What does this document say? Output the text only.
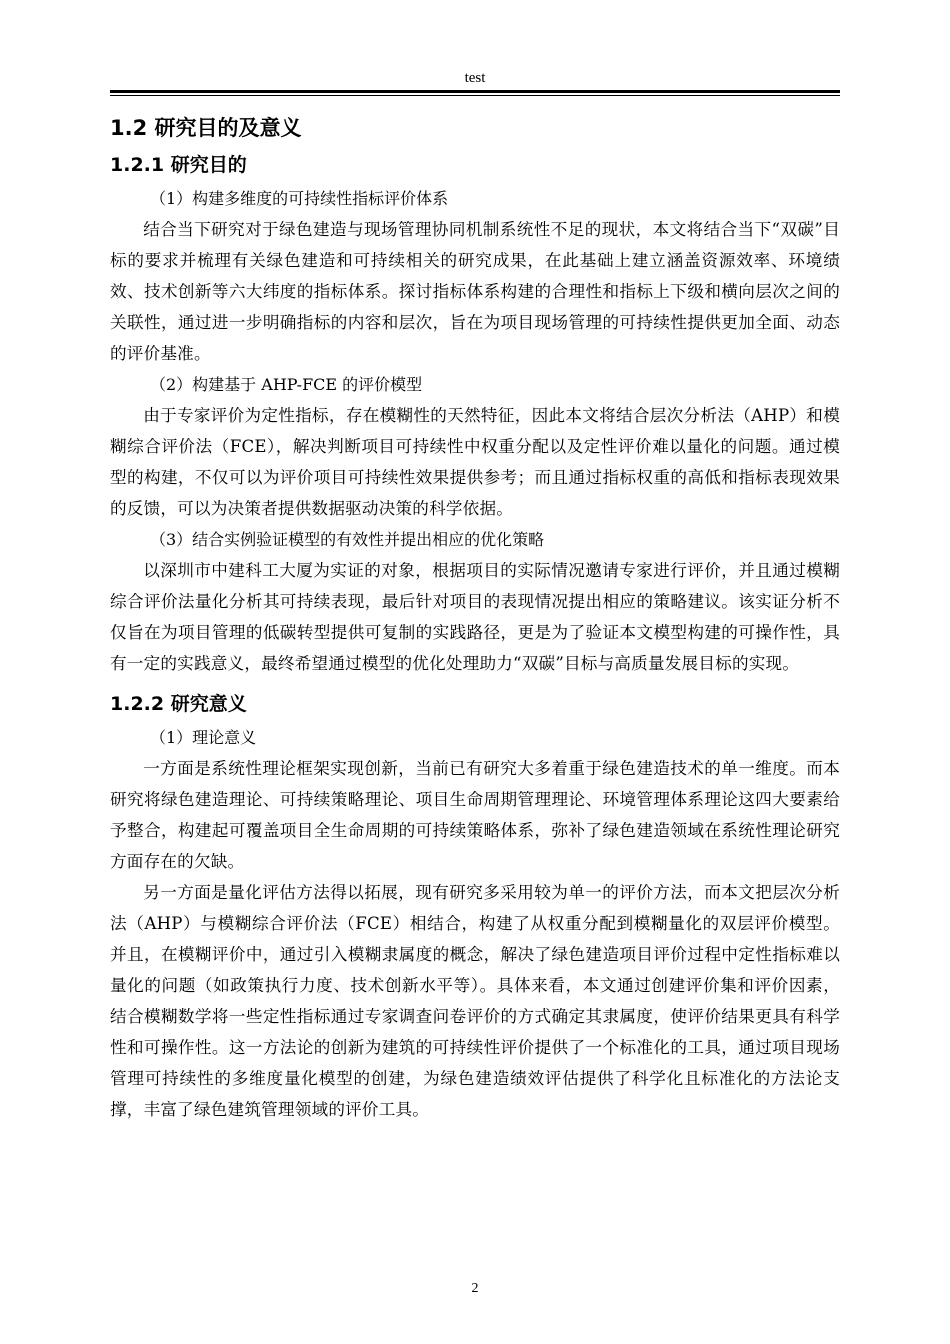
test
1.2 研究目的及意义
1.2.1 研究目的

（1）构建多维度的可持续性指标评价体系

结合当下研究对于绿色建造与现场管理协同机制系统性不足的现状，本文将结合当下“双碳”目标的要求并梳理有关绿色建造和可持续相关的研究成果，在此基础上建立涵盖资源效率、环境绩效、技术创新等六大纬度的指标体系。探讨指标体系构建的合理性和指标上下级和横向层次之间的关联性，通过进一步明确指标的内容和层次，旨在为项目现场管理的可持续性提供更加全面、动态的评价基准。

（2）构建基于 AHP-FCE 的评价模型

由于专家评价为定性指标，存在模糊性的天然特征，因此本文将结合层次分析法（AHP）和模糊综合评价法（FCE），解决判断项目可持续性中权重分配以及定性评价难以量化的问题。通过模型的构建，不仅可以为评价项目可持续性效果提供参考；而且通过指标权重的高低和指标表现效果的反馈，可以为决策者提供数据驱动决策的科学依据。

（3）结合实例验证模型的有效性并提出相应的优化策略

以深圳市中建科工大厦为实证的对象，根据项目的实际情况邀请专家进行评价，并且通过模糊综合评价法量化分析其可持续表现，最后针对项目的表现情况提出相应的策略建议。该实证分析不仅旨在为项目管理的低碳转型提供可复制的实践路径，更是为了验证本文模型构建的可操作性，具有一定的实践意义，最终希望通过模型的优化处理助力“双碳”目标与高质量发展目标的实现。

1.2.2 研究意义

（1）理论意义

一方面是系统性理论框架实现创新，当前已有研究大多着重于绿色建造技术的单一维度。而本研究将绿色建造理论、可持续策略理论、项目生命周期管理理论、环境管理体系理论这四大要素给予整合，构建起可覆盖项目全生命周期的可持续策略体系，弥补了绿色建造领域在系统性理论研究方面存在的欠缺。

另一方面是量化评估方法得以拓展，现有研究多采用较为单一的评价方法，而本文把层次分析法（AHP）与模糊综合评价法（FCE）相结合，构建了从权重分配到模糊量化的双层评价模型。并且，在模糊评价中，通过引入模糊隶属度的概念，解决了绿色建造项目评价过程中定性指标难以量化的问题（如政策执行力度、技术创新水平等）。具体来看，本文通过创建评价集和评价因素，结合模糊数学将一些定性指标通过专家调查问卷评价的方式确定其隶属度，使评价结果更具有科学性和可操作性。这一方法论的创新为建筑的可持续性评价提供了一个标准化的工具，通过项目现场管理可持续性的多维度量化模型的创建，为绿色建造绩效评估提供了科学化且标准化的方法论支撑，丰富了绿色建筑管理领域的评价工具。

2
